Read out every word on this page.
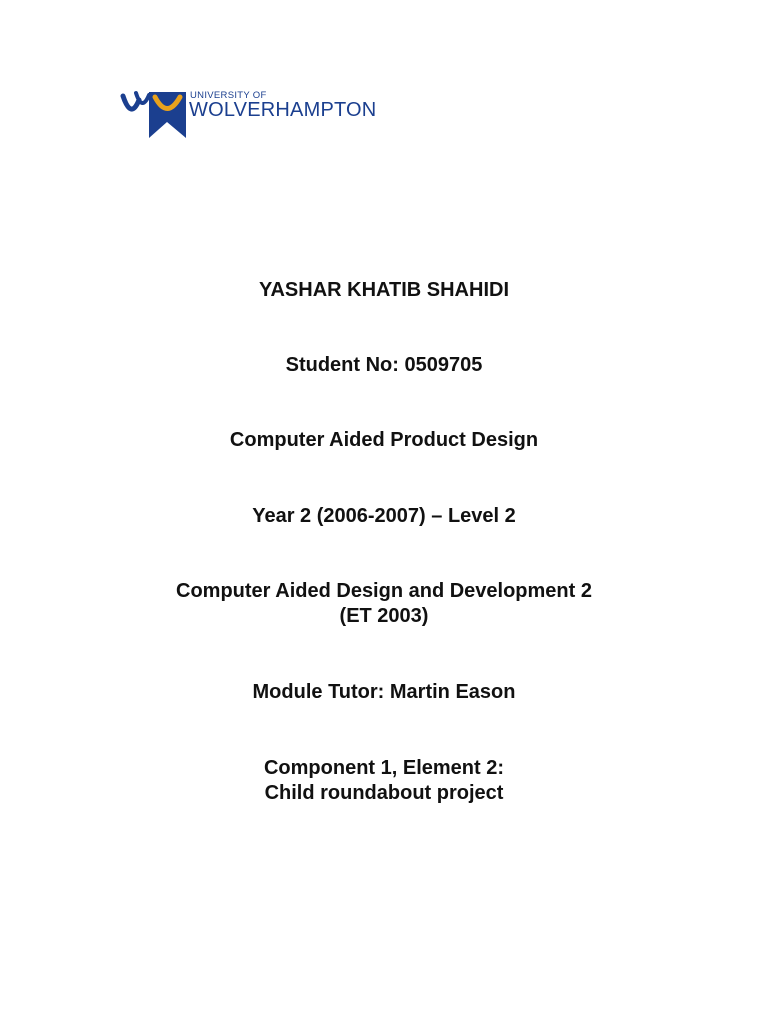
UNIVERSITY OF
WOLVERHAMPTON
YASHAR KHATIB SHAHIDI
Student No: 0509705
Computer Aided Product Design
Year 2 (2006-2007) – Level 2
Computer Aided Design and Development 2
(ET 2003)
Module Tutor: Martin Eason
Component 1, Element 2:
Child roundabout project
